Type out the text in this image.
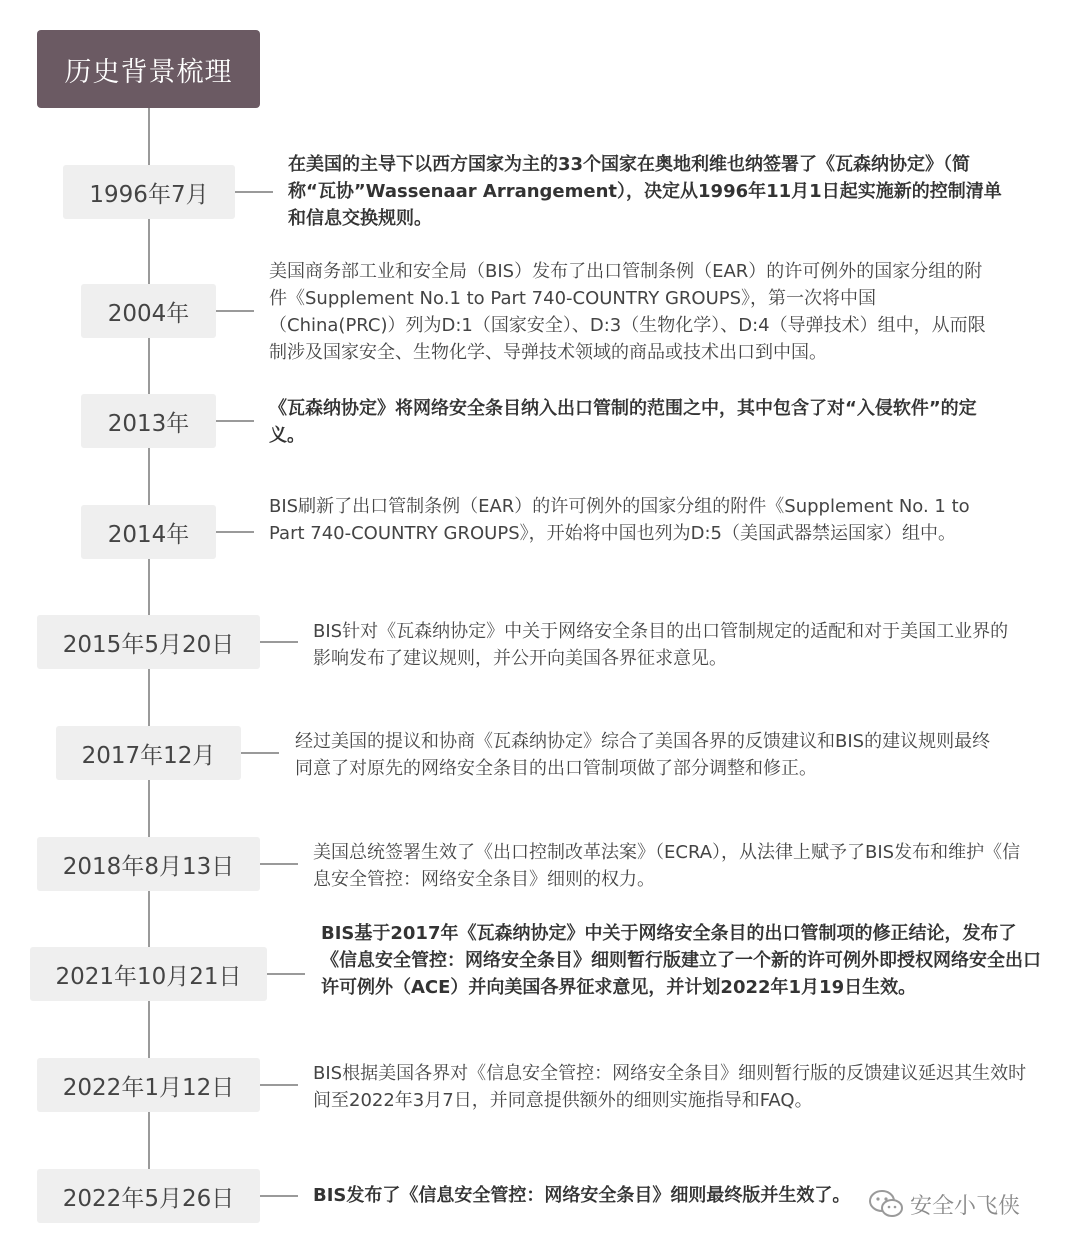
历史背景梳理
1996年7月
在美国的主导下以西方国家为主的33个国家在奥地利维也纳签署了《瓦森纳协定》（简称“瓦协”Wassenaar Arrangement），决定从1996年11月1日起实施新的控制清单和信息交换规则。
2004年
美国商务部工业和安全局（BIS）发布了出口管制条例（EAR）的许可例外的国家分组的附件《Supplement No.1 to Part 740-COUNTRY GROUPS》，第一次将中国（China(PRC)）列为D:1（国家安全）、D:3（生物化学）、D:4（导弹技术）组中，从而限制涉及国家安全、生物化学、导弹技术领域的商品或技术出口到中国。
2013年
《瓦森纳协定》将网络安全条目纳入出口管制的范围之中，其中包含了对“入侵软件”的定义。
2014年
BIS刷新了出口管制条例（EAR）的许可例外的国家分组的附件《Supplement No. 1 to Part 740-COUNTRY GROUPS》，开始将中国也列为D:5（美国武器禁运国家）组中。
2015年5月20日	BIS针对《瓦森纳协定》中关于网络安全条目的出口管制规定的适配和对于美国工业界的影响发布了建议规则，并公开向美国各界征求意见。
2017年12月
经过美国的提议和协商《瓦森纳协定》综合了美国各界的反馈建议和BIS的建议规则最终同意了对原先的网络安全条目的出口管制项做了部分调整和修正。
2018年8月13日
美国总统签署生效了《出口控制改革法案》（ECRA），从法律上赋予了BIS发布和维护《信息安全管控：网络安全条目》细则的权力。
2021年10月21日
BIS基于2017年《瓦森纳协定》中关于网络安全条目的出口管制项的修正结论，发布了《信息安全管控：网络安全条目》细则暂行版建立了一个新的许可例外即授权网络安全出口许可例外（ACE）并向美国各界征求意见，并计划2022年1月19日生效。
2022年1月12日
BIS根据美国各界对《信息安全管控：网络安全条目》细则暂行版的反馈建议延迟其生效时间至2022年3月7日，并同意提供额外的细则实施指导和FAQ。
2022年5月26日	BIS发布了《信息安全管控：网络安全条目》细则最终版并生效了。	安全小飞侠
